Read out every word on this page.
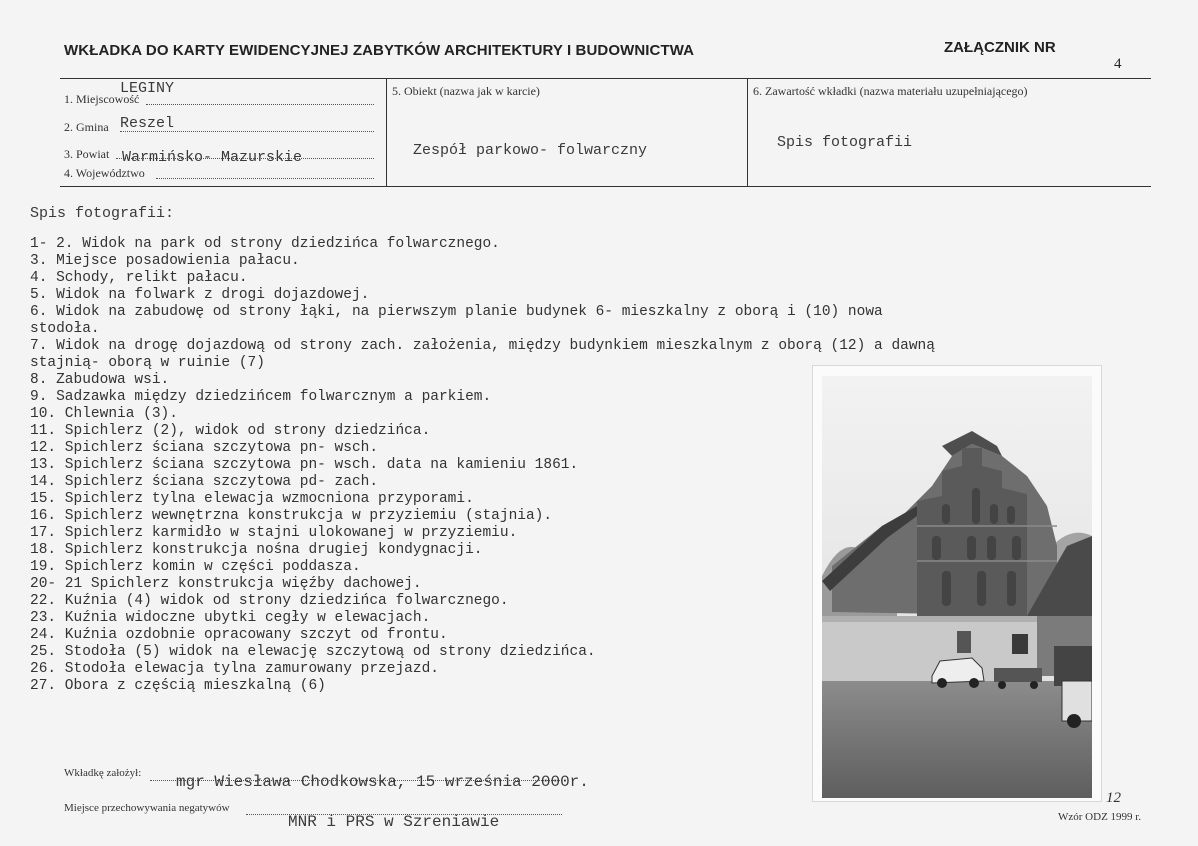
WKŁADKA DO KARTY EWIDENCYJNEJ ZABYTKÓW ARCHITEKTURY I BUDOWNICTWA	ZAŁĄCZNIK NR
4
1. Miejscowość
LEGINY
2. Gmina Reszel
3. Powiat Warmińsko- Mazurskie
4. Województwo
5. Obiekt (nazwa jak w karcie)
Zespół parkowo- folwarczny
6. Zawartość wkładki (nazwa materiału uzupełniającego)
Spis fotografii
Spis fotografii:
1- 2. Widok na park od strony dziedzińca folwarcznego.
3. Miejsce posadowienia pałacu.
4. Schody, relikt pałacu.
5. Widok na folwark z drogi dojazdowej.
6. Widok na zabudowę od strony łąki, na pierwszym planie budynek 6- mieszkalny z oborą i (10) nowa
stodoła.
7. Widok na drogę dojazdową od strony zach. założenia, między budynkiem mieszkalnym z oborą (12) a dawną
stajnią- oborą w ruinie (7)
8. Zabudowa wsi.
9. Sadzawka między dziedzińcem folwarcznym a parkiem.
10. Chlewnia (3).
11. Spichlerz (2), widok od strony dziedzińca.
12. Spichlerz ściana szczytowa pn- wsch.
13. Spichlerz ściana szczytowa pn- wsch. data na kamieniu 1861.
14. Spichlerz ściana szczytowa pd- zach.
15. Spichlerz tylna elewacja wzmocniona przyporami.
16. Spichlerz wewnętrzna konstrukcja w przyziemiu (stajnia).
17. Spichlerz karmidło w stajni ulokowanej w przyziemiu.
18. Spichlerz konstrukcja nośna drugiej kondygnacji.
19. Spichlerz komin w części poddasza.
20- 21 Spichlerz konstrukcja więźby dachowej.
22. Kuźnia (4) widok od strony dziedzińca folwarcznego.
23. Kuźnia widoczne ubytki cegły w elewacjach.
24. Kuźnia ozdobnie opracowany szczyt od frontu.
25. Stodoła (5) widok na elewację szczytową od strony dziedzińca.
26. Stodoła elewacja tylna zamurowany przejazd.
27. Obora z częścią mieszkalną (6)
Wkładkę założył: mgr Wiesława Chodkowska, 15 września 2000r.
Miejsce przechowywania negatywów
MNR i PRS w Szreniawie
12
Wzór ODZ 1999 r.
